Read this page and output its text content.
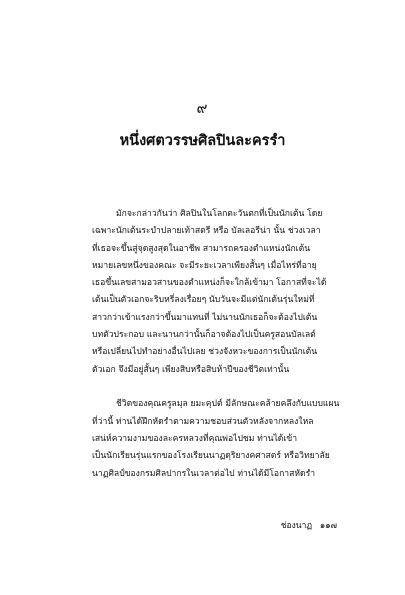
๙
หนึ่งศตวรรษศิลปินละครรำ

มักจะกล่าวกันว่า ศิลปินในโลกตะวันตกที่เป็นนักเต้น โดย
เฉพาะนักเต้นระบำปลายเท้าสตรี หรือ บัลเลอรีน่า นั้น ช่วงเวลา
ที่เธอจะขึ้นสู่จุดสูงสุดในอาชีพ สามารถครองตำแหน่งนักเต้น
หมายเลขหนึ่งของคณะ จะมีระยะเวลาเพียงสั้นๆ เมื่อไหร่ที่อายุ
เธอขึ้นเลขสามอวสานของตำแหน่งก็จะใกล้เข้ามา โอกาสที่จะได้
เต้นเป็นตัวเอกจะริบหรี่ลงเรื่อยๆ นับวันจะมีแต่นักเต้นรุ่นใหม่ที่
สาวกว่าเข้าแรงกว่าขึ้นมาแทนที่ ไม่นานนักเธอก็จะต้องไปเต้น
บทตัวประกอบ และนานกว่านั้นก็อาจต้องไปเป็นครูสอนบัลเลต์
หรือเปลี่ยนไปทำอย่างอื่นไปเลย ช่วงจังหวะของการเป็นนักเต้น
ตัวเอก จึงมีอยู่สั้นๆ เพียงสิบหรือสิบห้าปีของชีวิตเท่านั้น

ชีวิตของคุณครูลมุล ยมะคุปต์ มีลักษณะคล้ายคลึงกับแบบแผน
ที่ว่านี้ ท่านได้ฝึกหัดรำตามความชอบส่วนตัวหลังจากหลงใหล
เสน่ห์ความงามของละครหลวงที่คุณพ่อไปชม ท่านได้เข้า
เป็นนักเรียนรุ่นแรกของโรงเรียนนาฏดุริยางคศาสตร์ หรือวิทยาลัย
นาฏศิลป์ของกรมศิลปากรในเวลาต่อไป ท่านได้มีโอกาสหัดรำ

ช่องนาฏ ๑๑๗
